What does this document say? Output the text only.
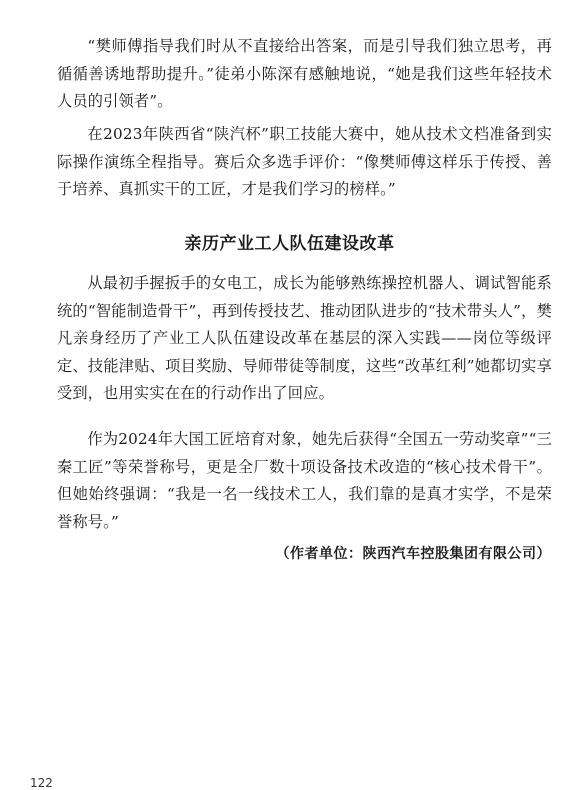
“樊师傅指导我们时从不直接给出答案，而是引导我们独立思考，再循循善诱地帮助提升。”徒弟小陈深有感触地说，“她是我们这些年轻技术人员的引领者”。

在2023年陕西省“陕汽杯”职工技能大赛中，她从技术文档准备到实际操作演练全程指导。赛后众多选手评价：“像樊师傅这样乐于传授、善于培养、真抓实干的工匠，才是我们学习的榜样。”

亲历产业工人队伍建设改革

从最初手握扳手的女电工，成长为能够熟练操控机器人、调试智能系统的“智能制造骨干”，再到传授技艺、推动团队进步的“技术带头人”，樊凡亲身经历了产业工人队伍建设改革在基层的深入实践——岗位等级评定、技能津贴、项目奖励、导师带徒等制度，这些“改革红利”她都切实享受到，也用实实在在的行动作出了回应。

作为2024年大国工匠培育对象，她先后获得“全国五一劳动奖章”“三秦工匠”等荣誉称号，更是全厂数十项设备技术改造的“核心技术骨干”。但她始终强调：“我是一名一线技术工人，我们靠的是真才实学，不是荣誉称号。”

（作者单位：陕西汽车控股集团有限公司）
122
